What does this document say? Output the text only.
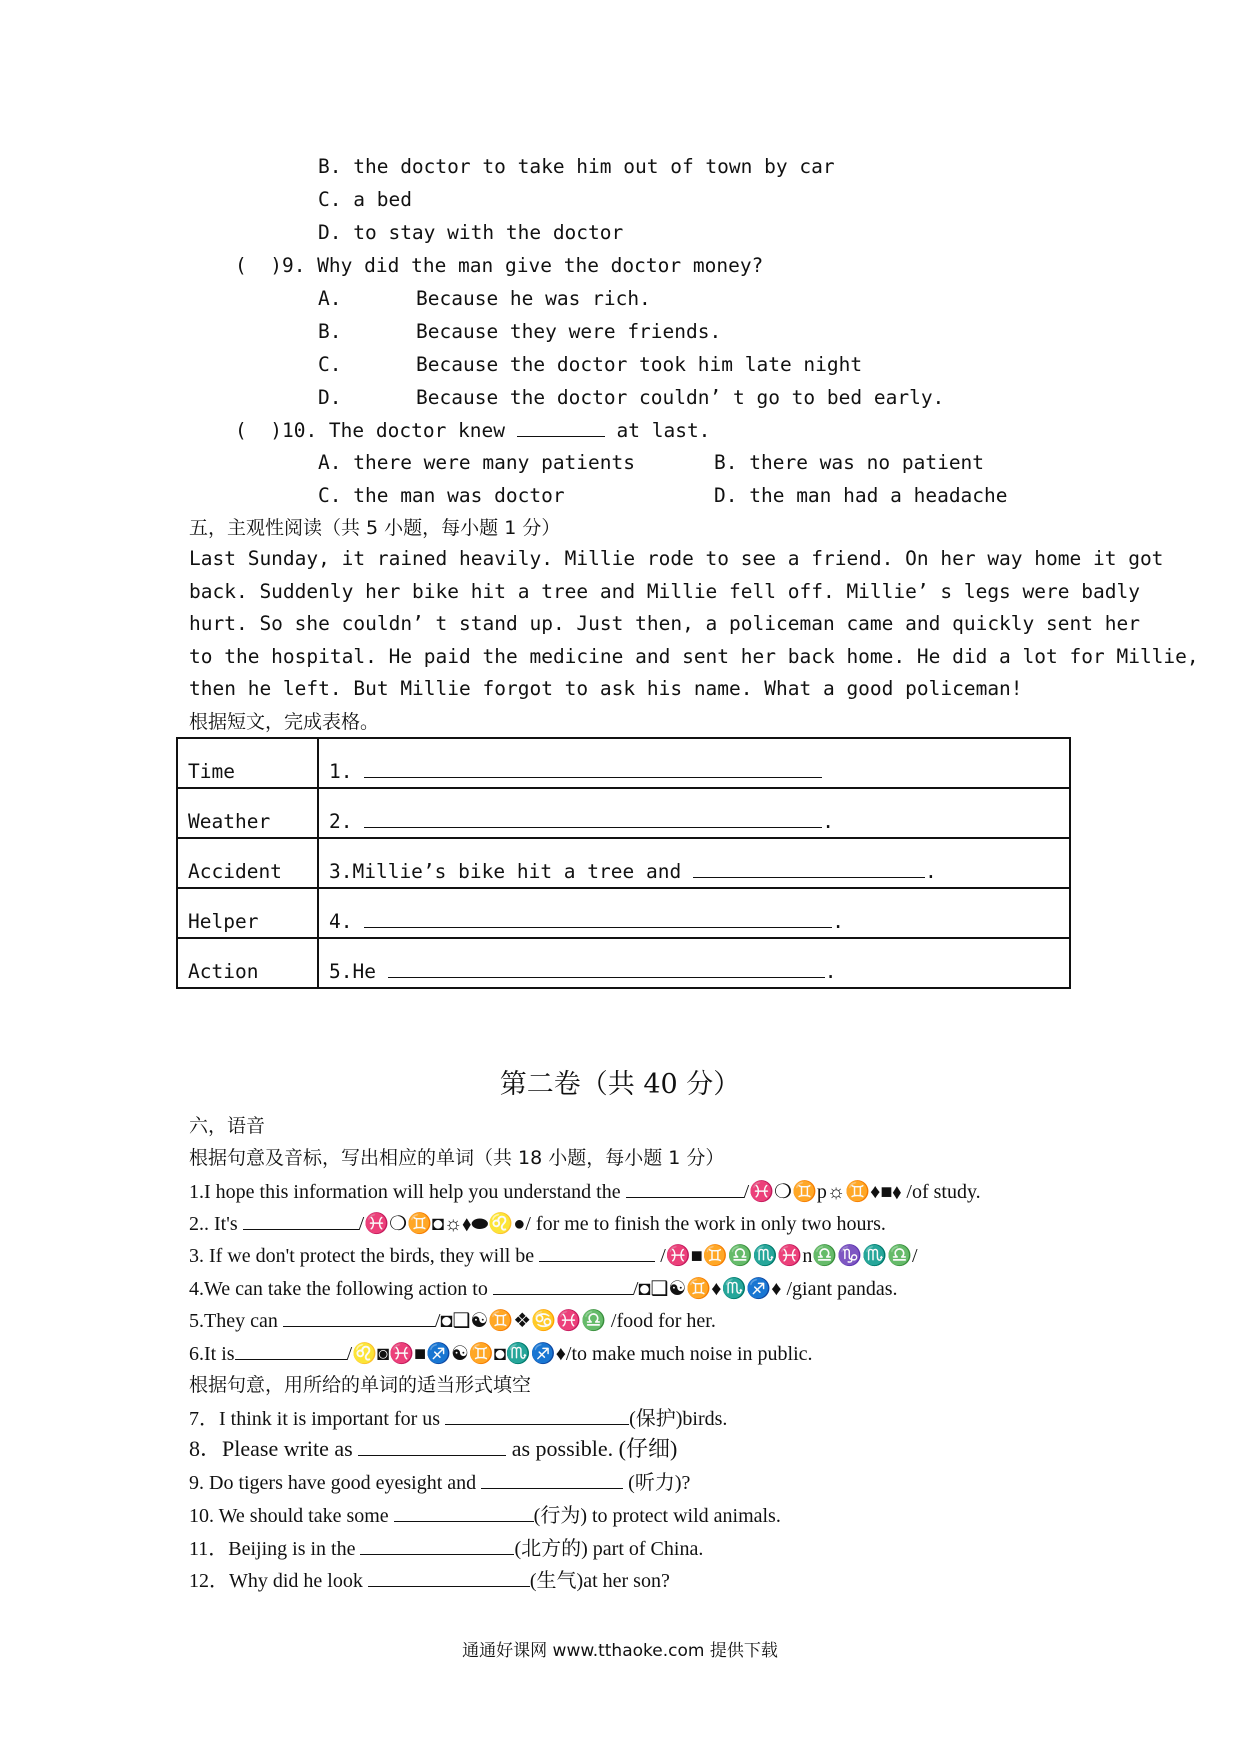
B. the doctor to take him out of town by car
C. a bed
D. to stay with the doctor
(  )9. Why did the man give the doctor money?
A.	Because he was rich.
B.	Because they were friends.
C.	Because the doctor took him late night
D.	Because the doctor couldn’ t go to bed early.
(  )10. The doctor knew	at last.
A. there were many patients	B. there was no patient
C. the man was doctor	D. the man had a headache
五，主观性阅读（共 5 小题，每小题 1 分）
Last Sunday, it rained heavily. Millie rode to see a friend. On her way home it got
back. Suddenly her bike hit a tree and Millie fell off. Millie’ s legs were badly
hurt. So she couldn’ t stand up. Just then, a policeman came and quickly sent her
to the hospital. He paid the medicine and sent her back home. He did a lot for Millie,
then he left. But Millie forgot to ask his name. What a good policeman!
根据短文，完成表格。
Time	1.
Weather	2. .
Accident	3.Millie’s bike hit a tree and .
Helper	4. .
Action	5.He .
第二卷（共 40 分）
六，语音
根据句意及音标，写出相应的单词（共 18 小题，每小题 1 分）
1.I hope this information will help you understand the	/♓❍♊p☼♊♦■⬧ /of study.
2.. It's	/♓❍♊◘☼⬧⬬♌●/ for me to finish the work in only two hours.
3. If we don't protect the birds, they will be	/♓■♊♎♏♓n♎♑♏♎/
4.We can take the following action to	/◘❑☯♊♦♏♐♦ /giant pandas.
5.They can	/◘❑☯♊❖♋♓♎ /food for her.
6.It is	/♌◙♓■♐☯♊◘♏♐♦/to make much noise in public.
根据句意，用所给的单词的适当形式填空
7．I think it is important for us	(保护)birds.
8．Please write as	as possible. (仔细)
9. Do tigers have good eyesight and	(听力)?
10. We should take some	(行为) to protect wild animals.
11．Beijing is in the	(北方的) part of China.
12．Why did he look	(生气)at her son?
通通好课网 www.tthaoke.com 提供下载
